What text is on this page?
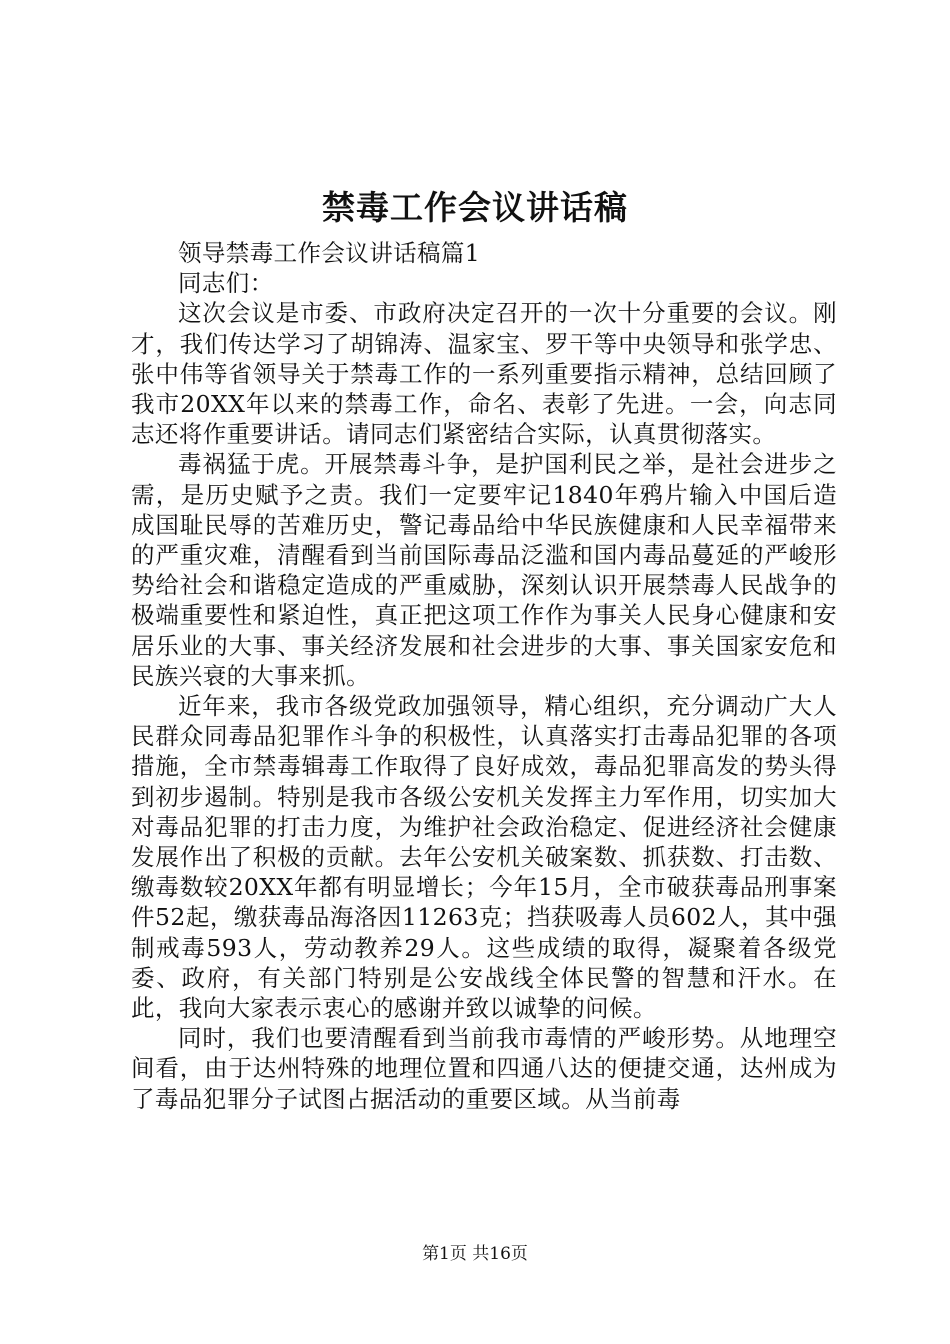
禁毒工作会议讲话稿

领导禁毒工作会议讲话稿篇1

同志们：

这次会议是市委、市政府决定召开的一次十分重要的会议。刚才，我们传达学习了胡锦涛、温家宝、罗干等中央领导和张学忠、张中伟等省领导关于禁毒工作的一系列重要指示精神，总结回顾了我市20XX年以来的禁毒工作，命名、表彰了先进。一会，向志同志还将作重要讲话。请同志们紧密结合实际，认真贯彻落实。

毒祸猛于虎。开展禁毒斗争，是护国利民之举，是社会进步之需，是历史赋予之责。我们一定要牢记1840年鸦片输入中国后造成国耻民辱的苦难历史，警记毒品给中华民族健康和人民幸福带来的严重灾难，清醒看到当前国际毒品泛滥和国内毒品蔓延的严峻形势给社会和谐稳定造成的严重威胁，深刻认识开展禁毒人民战争的极端重要性和紧迫性，真正把这项工作作为事关人民身心健康和安居乐业的大事、事关经济发展和社会进步的大事、事关国家安危和民族兴衰的大事来抓。

近年来，我市各级党政加强领导，精心组织，充分调动广大人民群众同毒品犯罪作斗争的积极性，认真落实打击毒品犯罪的各项措施，全市禁毒辑毒工作取得了良好成效，毒品犯罪高发的势头得到初步遏制。特别是我市各级公安机关发挥主力军作用，切实加大对毒品犯罪的打击力度，为维护社会政治稳定、促进经济社会健康发展作出了积极的贡献。去年公安机关破案数、抓获数、打击数、缴毒数较20XX年都有明显增长；今年15月，全市破获毒品刑事案件52起，缴获毒品海洛因11263克；挡获吸毒人员602人，其中强制戒毒593人，劳动教养29人。这些成绩的取得，凝聚着各级党委、政府，有关部门特别是公安战线全体民警的智慧和汗水。在此，我向大家表示衷心的感谢并致以诚挚的问候。

同时，我们也要清醒看到当前我市毒情的严峻形势。从地理空间看，由于达州特殊的地理位置和四通八达的便捷交通，达州成为了毒品犯罪分子试图占据活动的重要区域。从当前毒

第1页 共16页
